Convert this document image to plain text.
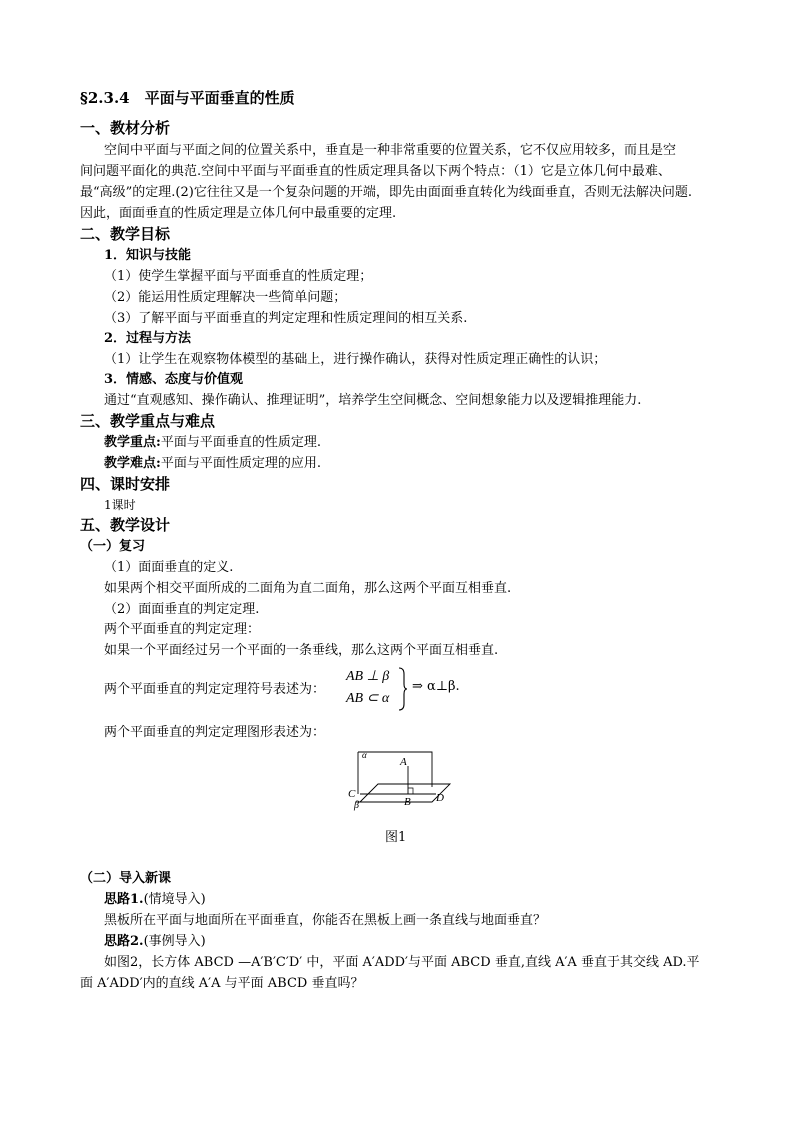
§2.3.4　平面与平面垂直的性质
一、教材分析
空间中平面与平面之间的位置关系中，垂直是一种非常重要的位置关系，它不仅应用较多，而且是空
间问题平面化的典范.空间中平面与平面垂直的性质定理具备以下两个特点：（1）它是立体几何中最难、
最“高级”的定理.(2)它往往又是一个复杂问题的开端，即先由面面垂直转化为线面垂直，否则无法解决问题.
因此，面面垂直的性质定理是立体几何中最重要的定理.
二、教学目标
1．知识与技能
（1）使学生掌握平面与平面垂直的性质定理；
（2）能运用性质定理解决一些简单问题；
（3）了解平面与平面垂直的判定定理和性质定理间的相互关系.
2．过程与方法
（1）让学生在观察物体模型的基础上，进行操作确认，获得对性质定理正确性的认识；
3．情感、态度与价值观
通过“直观感知、操作确认、推理证明”，培养学生空间概念、空间想象能力以及逻辑推理能力.
三、教学重点与难点
教学重点:平面与平面垂直的性质定理.
教学难点:平面与平面性质定理的应用.
四、课时安排
1课时
五、教学设计
（一）复习
（1）面面垂直的定义.
如果两个相交平面所成的二面角为直二面角，那么这两个平面互相垂直.
（2）面面垂直的判定定理.
两个平面垂直的判定定理：
如果一个平面经过另一个平面的一条垂线，那么这两个平面互相垂直.
两个平面垂直的判定定理符号表述为：
AB ⊥ β
AB ⊂ α
⇒ α⊥β.
两个平面垂直的判定定理图形表述为：
α
A
C
B D
β
图1
（二）导入新课
思路1.(情境导入)
黑板所在平面与地面所在平面垂直，你能否在黑板上画一条直线与地面垂直？
思路2.(事例导入)
如图2，长方体 ABCD —A′B′C′D′ 中，平面 A′ADD′与平面 ABCD 垂直,直线 A′A 垂直于其交线 AD.平
面 A′ADD′内的直线 A′A 与平面 ABCD 垂直吗？
